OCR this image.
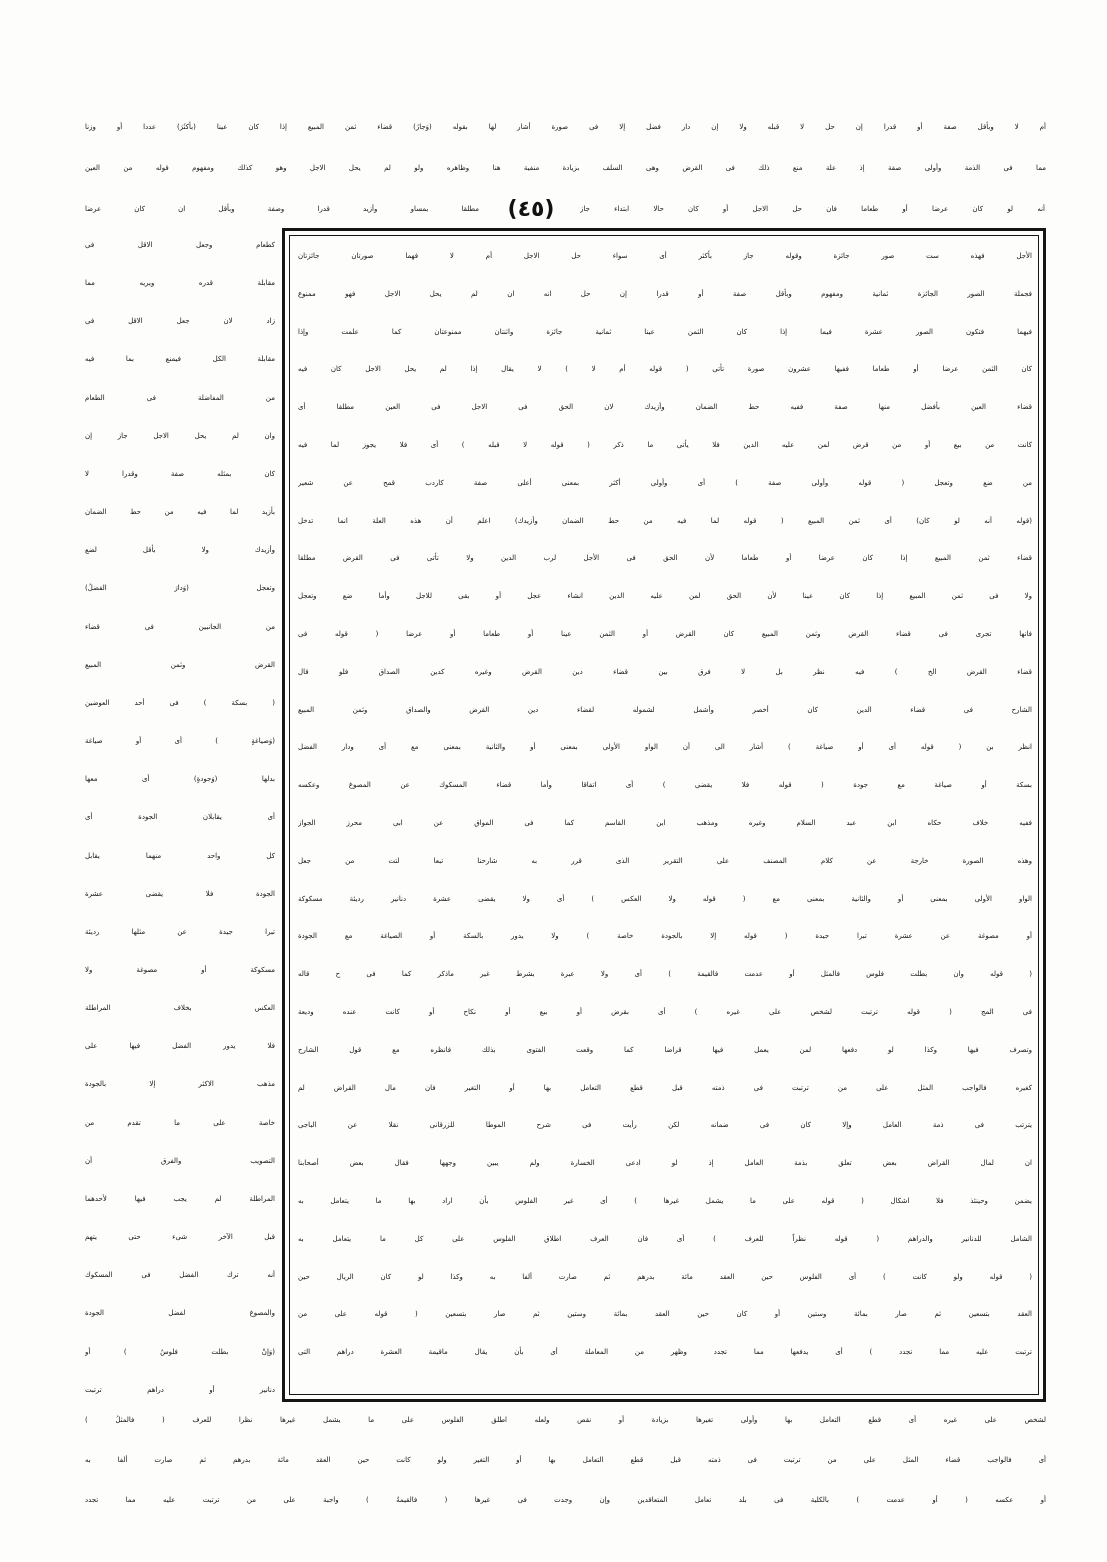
أم لا وبأقل صفة أو قدرا إن حل لا قبله ولا إن دار فضل إلا فى صورة أشار لها بقوله (وَجازَ) قضاء ثمن المبيع إذا كان عينا (بأكثَرَ) عددا أو وزنا
مما فى الذمة وأولى صفة إذ علة منع ذلك فى القرض وهى السلف بزيادة منفية هنا وظاهره ولو لم يحل الاجل وهو كذلك ومفهوم قوله من العين
أنه لو كان عرضا أو طعاما فان حل الاجل أو كان حالا ابتداء جاز
(٤٥)
مطلقا بمساو وأزيد قدرا وصفة وبأقل ان كان عرضا
الأجل فهذه ست صور جائزة وقوله جاز بأكثر أى سواء حل الاجل أم لا فهما صورتان جائزتان
فجملة الصور الجائزة ثمانية ومفهوم وبأقل صفة أو قدرا إن حل انه ان لم يحل الاجل فهو ممنوع
فيهما فتكون الصور عشرة فيما إذا كان الثمن عينا ثمانية جائزة واثنتان ممنوعتان كما علمت وإذا
كان الثمن عرضا أو طعاما ففيها عشرون صورة تأتى ( قوله أم لا ) لا يقال إذا لم يحل الاجل كان فيه
قضاء العين بأفضل منها صفة ففيه حط الضمان وأزيدك لان الحق فى الاجل فى العين مطلقا أى
كانت من بيع أو من قرض لمن عليه الدين فلا يأتى ما ذكر ( قوله لا قبله ) أى فلا يجوز لما فيه
من ضع وتعجل ( قوله وأولى صفة ) أى وأولى أكثر بمعنى أعلى صفة كاردب قمح عن شعير
(قوله أنه لو كان) أى ثمن المبيع ( قوله لما فيه من حط الضمان وأزيدك) اعلم أن هذه العلة انما تدخل
قضاء ثمن المبيع إذا كان عرضا أو طعاما لأن الحق فى الأجل لرب الدين ولا تأتى فى القرض مطلقا
ولا فى ثمن المبيع إذا كان عينا لأن الحق لمن عليه الدين انشاء عجل أو بقى للاجل وأما ضع وتعجل
فانها تجرى فى قضاء القرض وثمن المبيع كان القرض أو الثمن عينا أو طعاما أو عرضا ( قوله فى
قضاء القرض الخ ) فيه نظر بل لا فرق بين قضاء دين القرض وغيره كدين الصداق فلو قال
الشارح فى قضاء الدين كان أخصر وأشمل لشموله لقضاء دين القرض والصداق وثمن المبيع
انظر بن ( قوله أى أو صياغة ) أشار الى أن الواو الأولى بمعنى أو والثانية بمعنى مع أى ودار الفضل
بسكة أو صياغة مع جودة ( قوله فلا يقضى ) أى اتفاقا وأما قضاء المسكوك عن المصوغ وعكسه
ففيه خلاف حكاه ابن عبد السلام وغيره ومذهب ابن القاسم كما فى المواق عن ابى محرز الجواز
وهذه الصورة خارجة عن كلام المصنف على التقرير الذى قرر به شارحنا تبعا لتت من جعل
الواو الأولى بمعنى أو والثانية بمعنى مع ( قوله ولا العكس ) أى ولا يقضى عشرة دنانير رديئة مسكوكة
أو مصوغة عن عشرة تبرا جيدة ( قوله إلا بالجودة خاصة ) ولا يدور بالسكة أو الصياغة مع الجودة
( قوله وان بطلت فلوس فالمثل أو عدمت فالقيمة ) أى ولا عبرة بشرط غير ماذكر كما فى ح قاله
فى المج ( قوله ترتبت لشخص على غيره ) أى بقرض أو بيع أو نكاح أو كانت عنده وديعة
وتصرف فيها وكذا لو دفعها لمن يعمل فيها قراضا كما وقعت الفتوى بذلك فانظره مع قول الشارح
كغيره فالواجب المثل على من ترتبت فى ذمته قبل قطع التعامل بها أو التغير فان مال القراض لم
يترتب فى ذمة العامل وإلا كان فى ضمانه لكن رأيت فى شرح الموطا للزرقانى نقلا عن الباجى
ان لمال القراض بعض تعلق بذمة العامل إذ لو ادعى الخسارة ولم يبين وجهها فقال بعض أصحابنا
يضمن وحينئذ فلا اشكال ( قوله على ما يشمل غيرها ) أى غير الفلوس بأن اراد بها ما يتعامل به
الشامل للدنانير والدراهم ( قوله نظراً للعرف ) أى فان العرف اطلاق الفلوس على كل ما يتعامل به
( قوله ولو كانت ) أى الفلوس حين العقد مائة بدرهم ثم صارت ألفا به وكذا لو كان الريال حين
العقد بتسعين ثم صار بمائة وستين أو كان حين العقد بمائة وستين ثم صار بتسعين ( قوله على من
ترتبت عليه مما تجدد ) أى يدفعها مما تجدد وظهر من المعاملة أى بأن يقال ماقيمة العشرة دراهم التى
كطعام وجعل الاقل فى
مقابلة قدره ويريه مما
زاد لان جعل الاقل فى
مقابلة الكل فيمنع بما فيه
من المفاضلة فى الطعام
وان لم يحل الاجل جاز إن
كان بمثله صفة وقدرا لا
بأزيد لما فيه من حط الضمان
وأزيدك ولا بأقل لضع
وتعجل (وَدارَ الفضلُ)
من الجانبين فى قضاء
القرض وثمن المبيع
( بسكة ) فى أحد العوضين
(وَصياغةٍ ) أى أو صياغة
بدلها (وَجودةٍ) أى معها
أى يقابلان الجودة أى
كل واحد منهما يقابل
الجودة فلا يقضى عشرة
تبرا جيدة عن مثلها رديئة
مسكوكة أو مصوغة ولا
العكس بخلاف المراطلة
فلا يدور الفضل فيها على
مذهب الاكثر إلا بالجودة
خاصة على ما تقدم من
التصويب والفرق أن
المراطلة لم يجب فيها لأحدهما
قبل الآخر شىء حتى يتهم
أنه ترك الفضل فى المسكوك
والمصوغ لفضل الجودة
(وَإنْ بطلت فلوسٌ ) أو
دنانير أو دراهم ترتبت
لشخص على غيره أى قطع التعامل بها وأولى تغيرها بزيادة أو نقص ولعله اطلق الفلوس على ما يشمل غيرها نظرا للعرف ( فالمثلُ )
أى فالواجب قضاء المثل على من ترتبت فى ذمته قبل قطع التعامل بها أو التغير ولو كانت حين العقد مائة بدرهم ثم صارت ألفا به
أو عكسه ( أو عدمت ) بالكلية فى بلد تعامل المتعاقدين وإن وجدت فى غيرها ( فالقيمةُ ) واجبة على من ترتبت عليه مما تجدد
